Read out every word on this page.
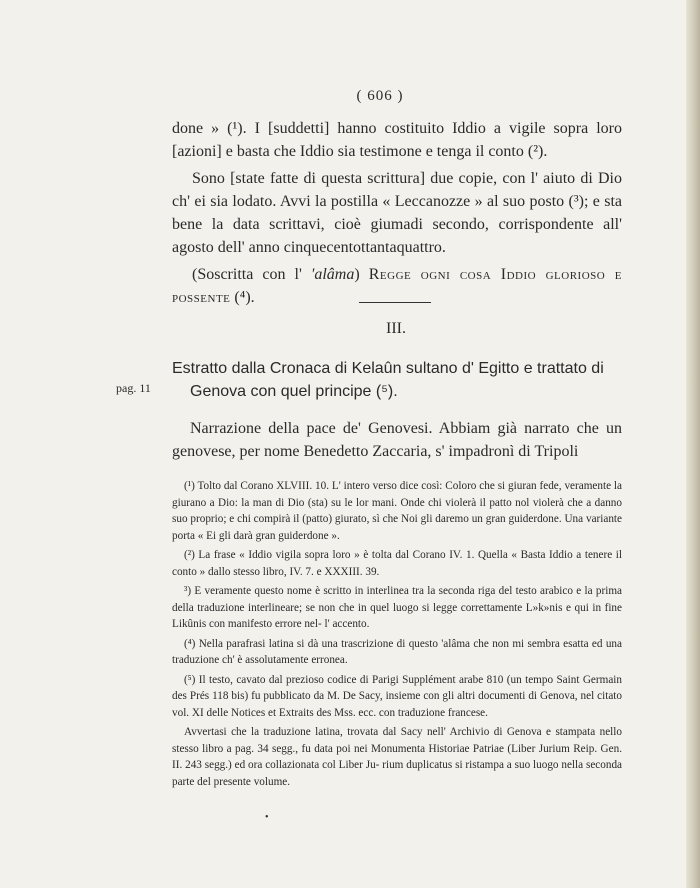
( 606 )

done » (¹). I [suddetti] hanno costituito Iddio a vigile sopra loro [azioni] e basta che Iddio sia testimone e tenga il conto (²).

Sono [state fatte di questa scrittura] due copie, con l' aiuto di Dio ch' ei sia lodato. Avvi la postilla « Leccanozze » al suo posto (³); e sta bene la data scrittavi, cioè giumadi secondo, corrispondente all' agosto dell' anno cinquecentottantaquattro.

(Soscritta con l' 'alâma) Regge ogni cosa Iddio glorioso e possente (⁴).

III.
Estratto dalla Cronaca di Kelaûn sultano d' Egitto e trattato di
Genova con quel principe (⁵).
pag. 11

Narrazione della pace de' Genovesi. Abbiam già narrato che un genovese, per nome Benedetto Zaccaria, s' impadronì di Tripoli

(¹) Tolto dal Corano XLVIII. 10. L' intero verso dice così: Coloro che si giuran fede, veramente la giurano a Dio: la man di Dio (sta) su le lor mani. Onde chi violerà il patto nol violerà che a danno suo proprio; e chi compirà il (patto) giurato, sì che Noi gli daremo un gran guiderdone. Una variante porta « Ei gli darà gran guiderdone ».

(²) La frase « Iddio vigila sopra loro » è tolta dal Corano IV. 1. Quella « Basta Iddio a tenere il conto » dallo stesso libro, IV. 7. e XXXIII. 39.

³) E veramente questo nome è scritto in interlinea tra la seconda riga del testo arabico e la prima della traduzione interlineare; se non che in quel luogo si legge correttamente L»k»nis e qui in fine Likûnis con manifesto errore nel- l' accento.

(⁴) Nella parafrasi latina si dà una trascrizione di questo 'alâma che non mi sembra esatta ed una traduzione ch' è assolutamente erronea.

(⁵) Il testo, cavato dal prezioso codice di Parigi Supplément arabe 810 (un tempo Saint Germain des Prés 118 bis) fu pubblicato da M. De Sacy, insieme con gli altri documenti di Genova, nel citato vol. XI delle Notices et Extraits des Mss. ecc. con traduzione francese.

Avvertasi che la traduzione latina, trovata dal Sacy nell' Archivio di Genova e stampata nello stesso libro a pag. 34 segg., fu data poi nei Monumenta Historiae Patriae (Liber Jurium Reip. Gen. II. 243 segg.) ed ora collazionata col Liber Ju- rium duplicatus si ristampa a suo luogo nella seconda parte del presente volume.

•
